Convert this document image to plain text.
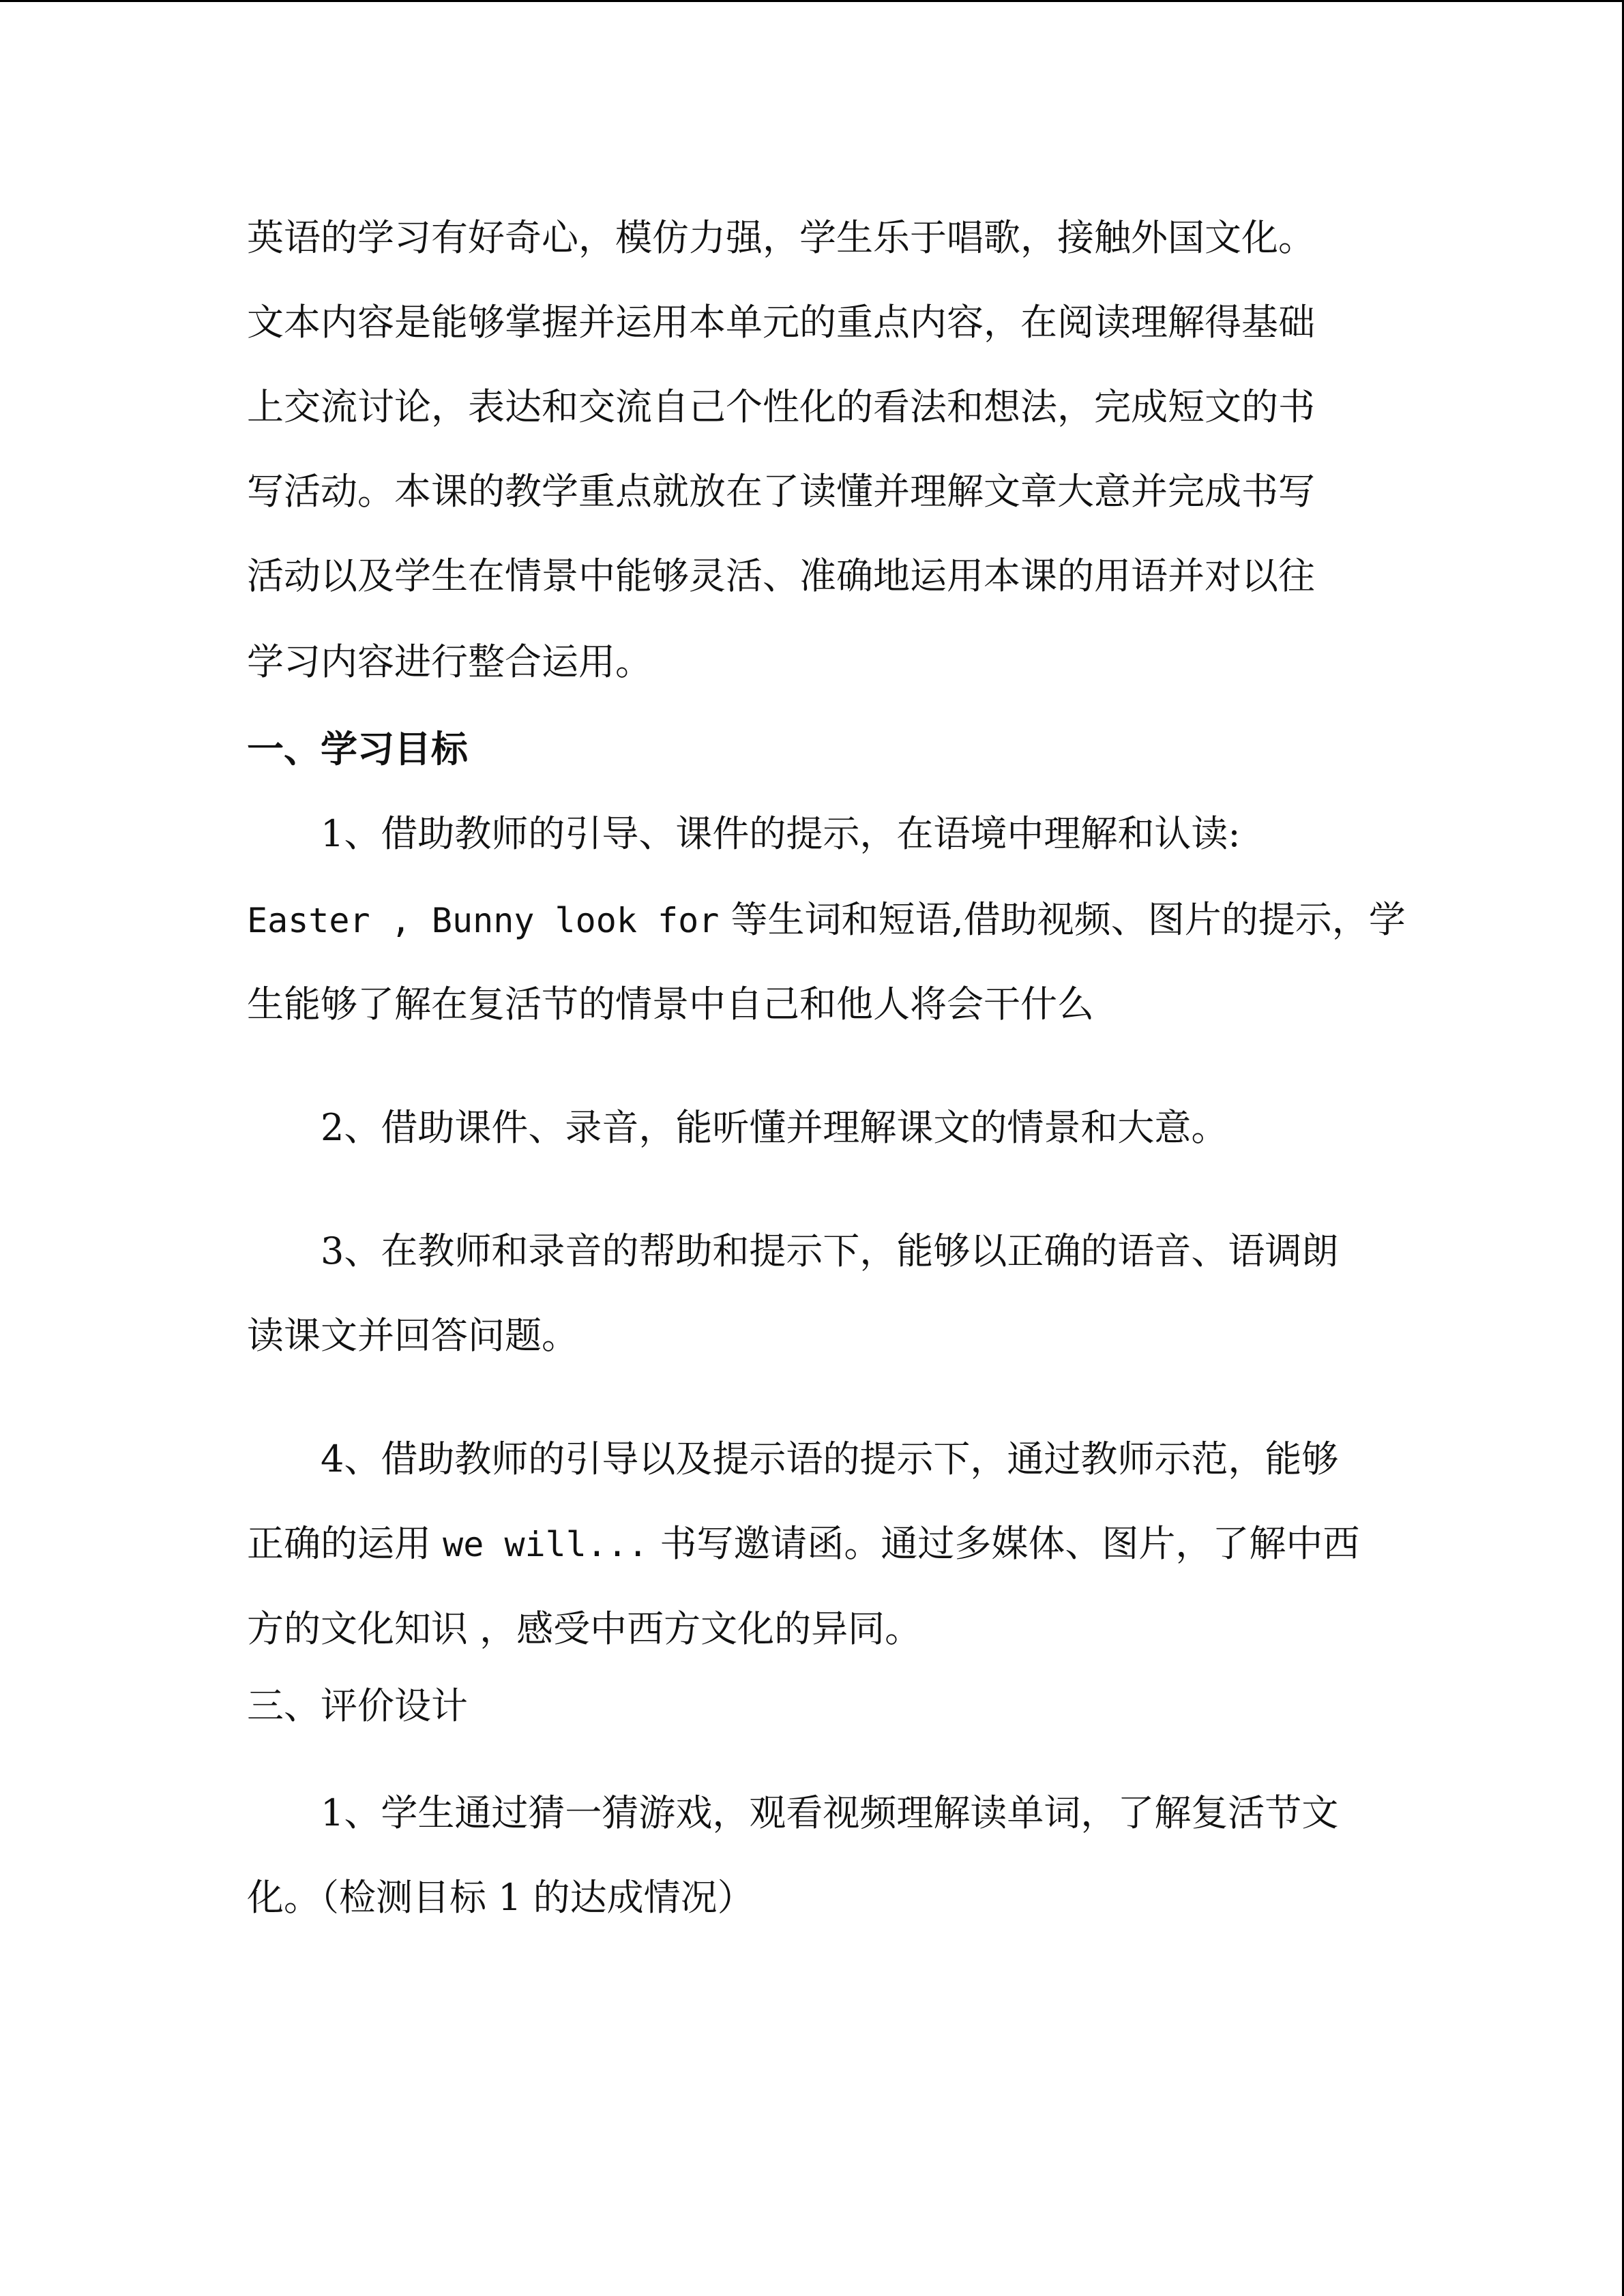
英语的学习有好奇心，模仿力强，学生乐于唱歌，接触外国文化。
文本内容是能够掌握并运用本单元的重点内容，在阅读理解得基础
上交流讨论，表达和交流自己个性化的看法和想法，完成短文的书
写活动。本课的教学重点就放在了读懂并理解文章大意并完成书写
活动以及学生在情景中能够灵活、准确地运用本课的用语并对以往
学习内容进行整合运用。
一、学习目标
1、借助教师的引导、课件的提示，在语境中理解和认读:
Easter , Bunny look for 等生词和短语,借助视频、图片的提示，学
生能够了解在复活节的情景中自己和他人将会干什么
2、借助课件、录音，能听懂并理解课文的情景和大意。
3、在教师和录音的帮助和提示下，能够以正确的语音、语调朗
读课文并回答问题。
4、借助教师的引导以及提示语的提示下，通过教师示范，能够
正确的运用 we will... 书写邀请函。通过多媒体、图片，了解中西
方的文化知识 ，感受中西方文化的异同。
三、评价设计
1、学生通过猜一猜游戏，观看视频理解读单词，了解复活节文
化。（检测目标 1 的达成情况）
